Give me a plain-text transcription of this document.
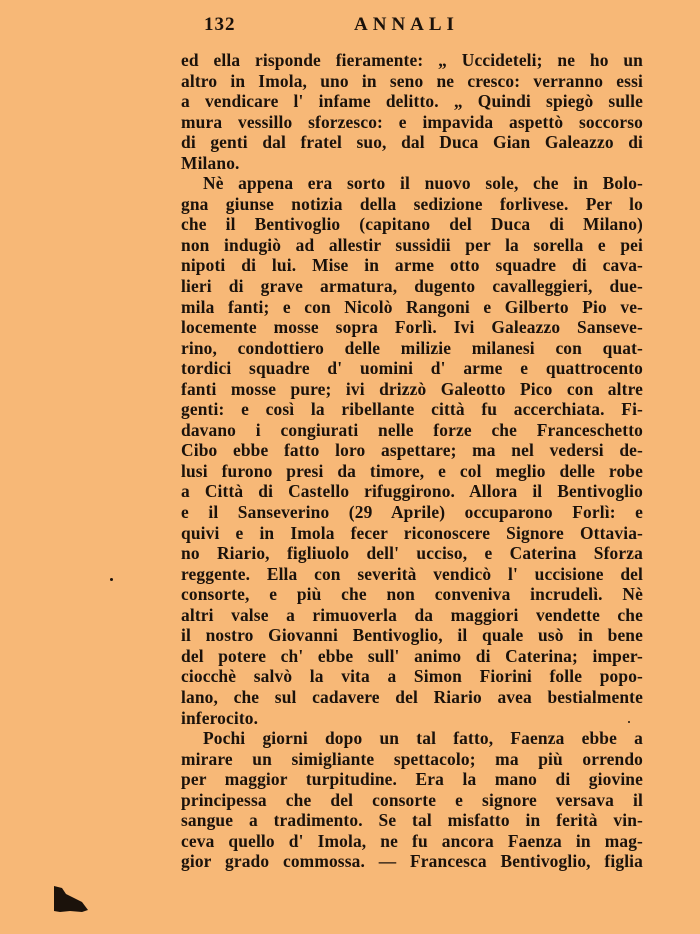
132	ANNALI
ed ella risponde fieramente: „ Uccideteli; ne ho un
altro in Imola, uno in seno ne cresco: verranno essi
a vendicare l' infame delitto. „ Quindi spiegò sulle
mura vessillo sforzesco: e impavida aspettò soccorso
di genti dal fratel suo, dal Duca Gian Galeazzo di
Milano.
Nè appena era sorto il nuovo sole, che in Bolo-
gna giunse notizia della sedizione forlivese. Per lo
che il Bentivoglio (capitano del Duca di Milano)
non indugiò ad allestir sussidii per la sorella e pei
nipoti di lui. Mise in arme otto squadre di cava-
lieri di grave armatura, dugento cavalleggieri, due-
mila fanti; e con Nicolò Rangoni e Gilberto Pio ve-
locemente mosse sopra Forlì. Ivi Galeazzo Sanseve-
rino, condottiero delle milizie milanesi con quat-
tordici squadre d' uomini d' arme e quattrocento
fanti mosse pure; ivi drizzò Galeotto Pico con altre
genti: e così la ribellante città fu accerchiata. Fi-
davano i congiurati nelle forze che Franceschetto
Cibo ebbe fatto loro aspettare; ma nel vedersi de-
lusi furono presi da timore, e col meglio delle robe
a Città di Castello rifuggirono. Allora il Bentivoglio
e il Sanseverino (29 Aprile) occuparono Forlì: e
quivi e in Imola fecer riconoscere Signore Ottavia-
no Riario, figliuolo dell' ucciso, e Caterina Sforza
reggente. Ella con severità vendicò l' uccisione del
consorte, e più che non conveniva incrudelì. Nè
altri valse a rimuoverla da maggiori vendette che
il nostro Giovanni Bentivoglio, il quale usò in bene
del potere ch' ebbe sull' animo di Caterina; imper-
ciocchè salvò la vita a Simon Fiorini folle popo-
lano, che sul cadavere del Riario avea bestialmente
inferocito.
Pochi giorni dopo un tal fatto, Faenza ebbe a
mirare un simigliante spettacolo; ma più orrendo
per maggior turpitudine. Era la mano di giovine
principessa che del consorte e signore versava il
sangue a tradimento. Se tal misfatto in ferità vin-
ceva quello d' Imola, ne fu ancora Faenza in mag-
gior grado commossa. — Francesca Bentivoglio, figlia
